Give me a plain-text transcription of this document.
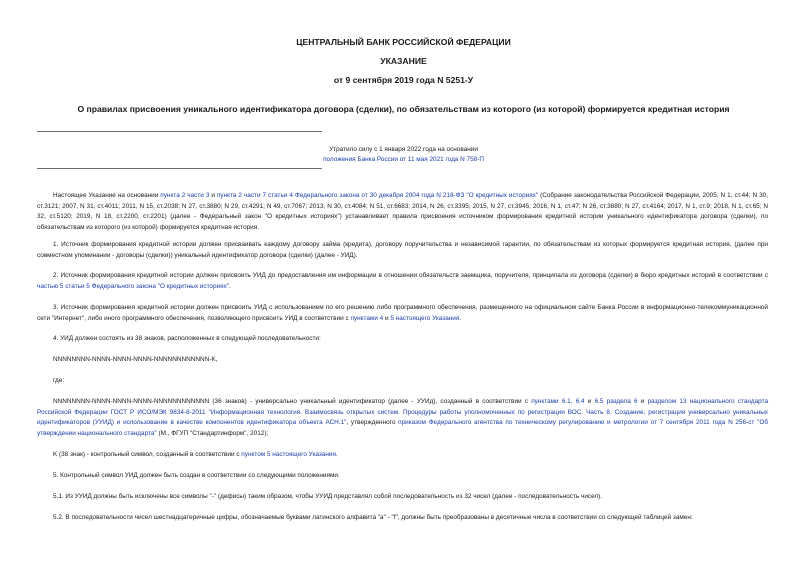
ЦЕНТРАЛЬНЫЙ БАНК РОССИЙСКОЙ ФЕДЕРАЦИИ
УКАЗАНИЕ
от 9 сентября 2019 года N 5251-У
О правилах присвоения уникального идентификатора договора (сделки), по обязательствам из которого (из которой) формируется кредитная история
Утратило силу с 1 января 2022 года на основании
положения Банка России от 11 мая 2021 года N 758-П
Настоящее Указание на основании пункта 2 части 3 и пункта 2 части 7 статьи 4 Федерального закона от 30 декабря 2004 года N 218-ФЗ "О кредитных историях" (Собрание законодательства Российской Федерации, 2005, N 1, ст.44; N 30, ст.3121; 2007, N 31, ст.4011; 2011, N 15, ст.2038; N 27, ст.3880; N 29, ст.4291; N 49, ст.7067; 2013, N 30, ст.4084; N 51, ст.6683; 2014, N 26, ст.3395; 2015, N 27, ст.3945; 2016, N 1, ст.47; N 26, ст.3880; N 27, ст.4164; 2017, N 1, ст.9; 2018, N 1, ст.65; N 32, ст.5120; 2019, N 18, ст.2200, ст.2201) (далее - Федеральный закон "О кредитных историях") устанавливает правила присвоения источником формирования кредитной истории уникального идентификатора договора (сделки), по обязательствам из которого (из которой) формируется кредитная история.
1. Источник формирования кредитной истории должен присваивать каждому договору займа (кредита), договору поручительства и независимой гарантии, по обязательствам из которых формируется кредитная история, (далее при совместном упоминании - договоры (сделки)) уникальный идентификатор договора (сделки) (далее - УИД).
2. Источник формирования кредитной истории должен присвоить УИД до предоставления им информации в отношении обязательств заемщика, поручителя, принципала из договора (сделки) в бюро кредитных историй в соответствии с частью 5 статьи 5 Федерального закона "О кредитных историях".
3. Источник формирования кредитной истории должен присвоить УИД с использованием по его решению либо программного обеспечения, размещенного на официальном сайте Банка России в информационно-телекоммуникационной сети "Интернет", либо иного программного обеспечения, позволяющего присвоить УИД в соответствии с пунктами 4 и 5 настоящего Указания.
4. УИД должен состоять из 38 знаков, расположенных в следующей последовательности:
NNNNNNNN-NNNN-NNNN-NNNN-NNNNNNNNNNNN-K,
где:
NNNNNNNN-NNNN-NNNN-NNNN-NNNNNNNNNNNN (36 знаков) - универсально уникальный идентификатор (далее - УУИд), созданный в соответствии с пунктами 6.1, 6.4 и 6.5 раздела 6 и разделом 13 национального стандарта Российской Федерации ГОСТ Р ИСО/МЭК 9834-8-2011 "Информационная технология. Взаимосвязь открытых систем. Процедуры работы уполномоченных по регистрации ВОС. Часть 8. Создание, регистрация универсально уникальных идентификаторов (УУИД) и использование в качестве компонентов идентификатора объекта АСН.1", утвержденного приказом Федерального агентства по техническому регулированию и метрологии от 7 сентября 2011 года N 256-ст "Об утверждении национального стандарта" (М., ФГУП "Стандартинформ", 2012);
K (38 знак) - контрольный символ, созданный в соответствии с пунктом 5 настоящего Указания.
5. Контрольный символ УИД должен быть создан в соответствии со следующими положениями.
5.1. Из УУИД должны быть исключены все символы "-" (дефисы) таким образом, чтобы УУИД представлял собой последовательность из 32 чисел (далее - последовательность чисел).
5.2. В последовательности чисел шестнадцатеричные цифры, обозначаемые буквами латинского алфавита "a" - "f", должны быть преобразованы в десятичные числа в соответствии со следующей таблицей замен:
